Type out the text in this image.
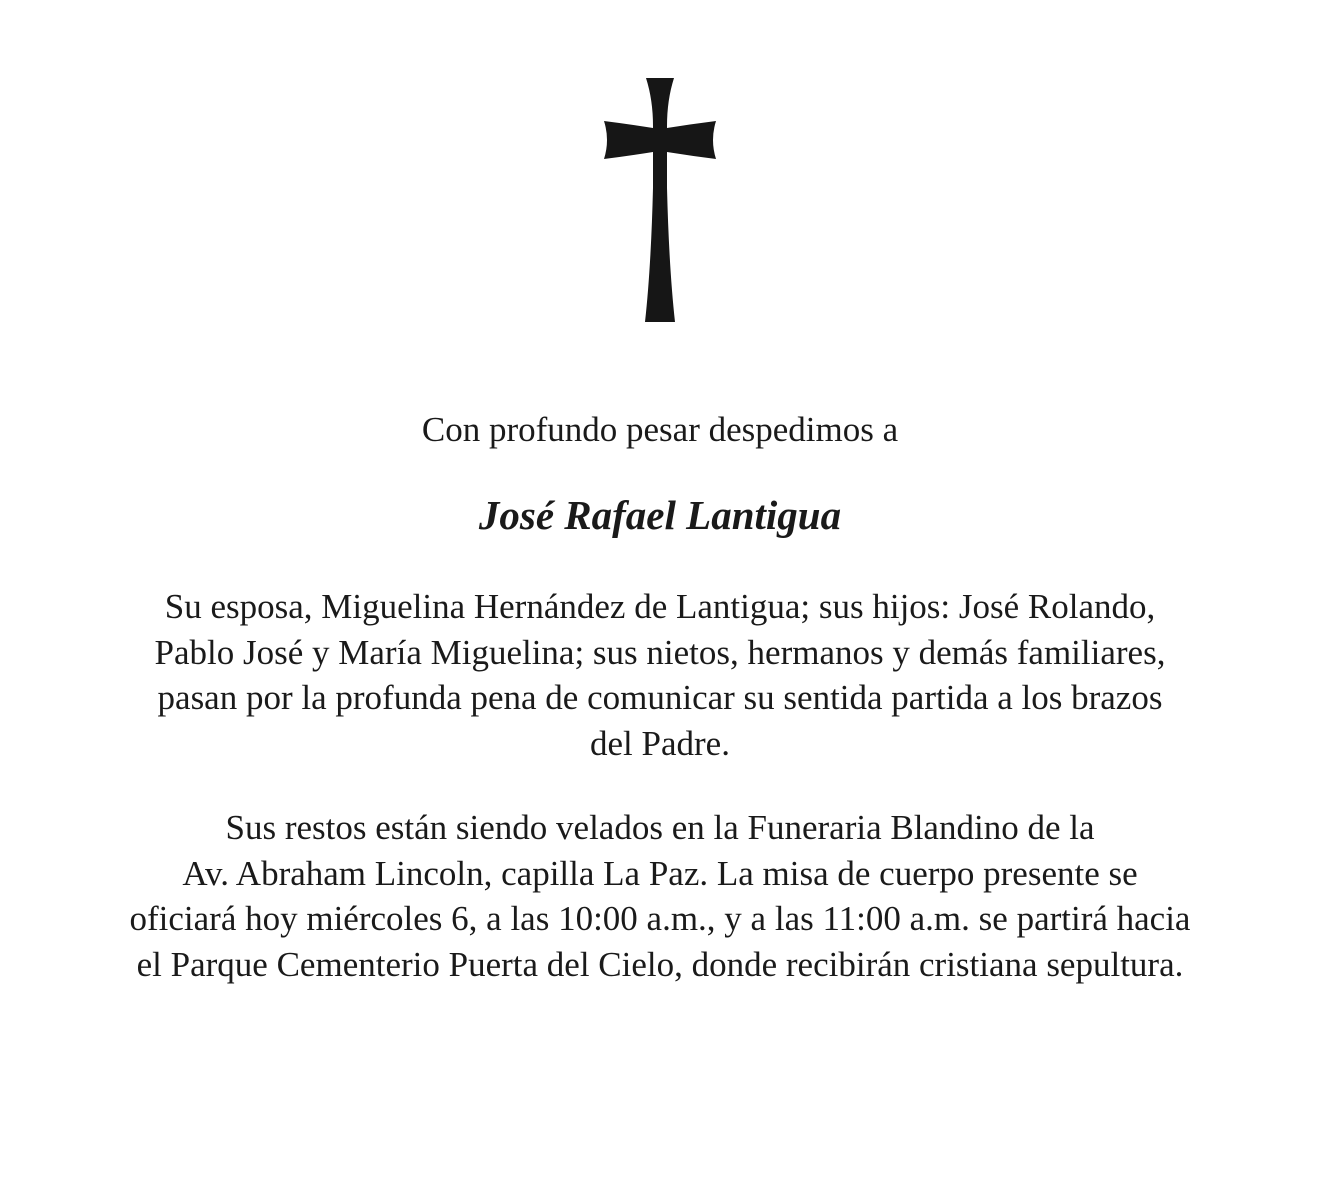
Con profundo pesar despedimos a
José Rafael Lantigua
Su esposa, Miguelina Hernández de Lantigua; sus hijos: José Rolando,
Pablo José y María Miguelina; sus nietos, hermanos y demás familiares,
pasan por la profunda pena de comunicar su sentida partida a los brazos
del Padre.
Sus restos están siendo velados en la Funeraria Blandino de la
Av. Abraham Lincoln, capilla La Paz. La misa de cuerpo presente se
oficiará hoy miércoles 6, a las 10:00 a.m., y a las 11:00 a.m. se partirá hacia
el Parque Cementerio Puerta del Cielo, donde recibirán cristiana sepultura.
